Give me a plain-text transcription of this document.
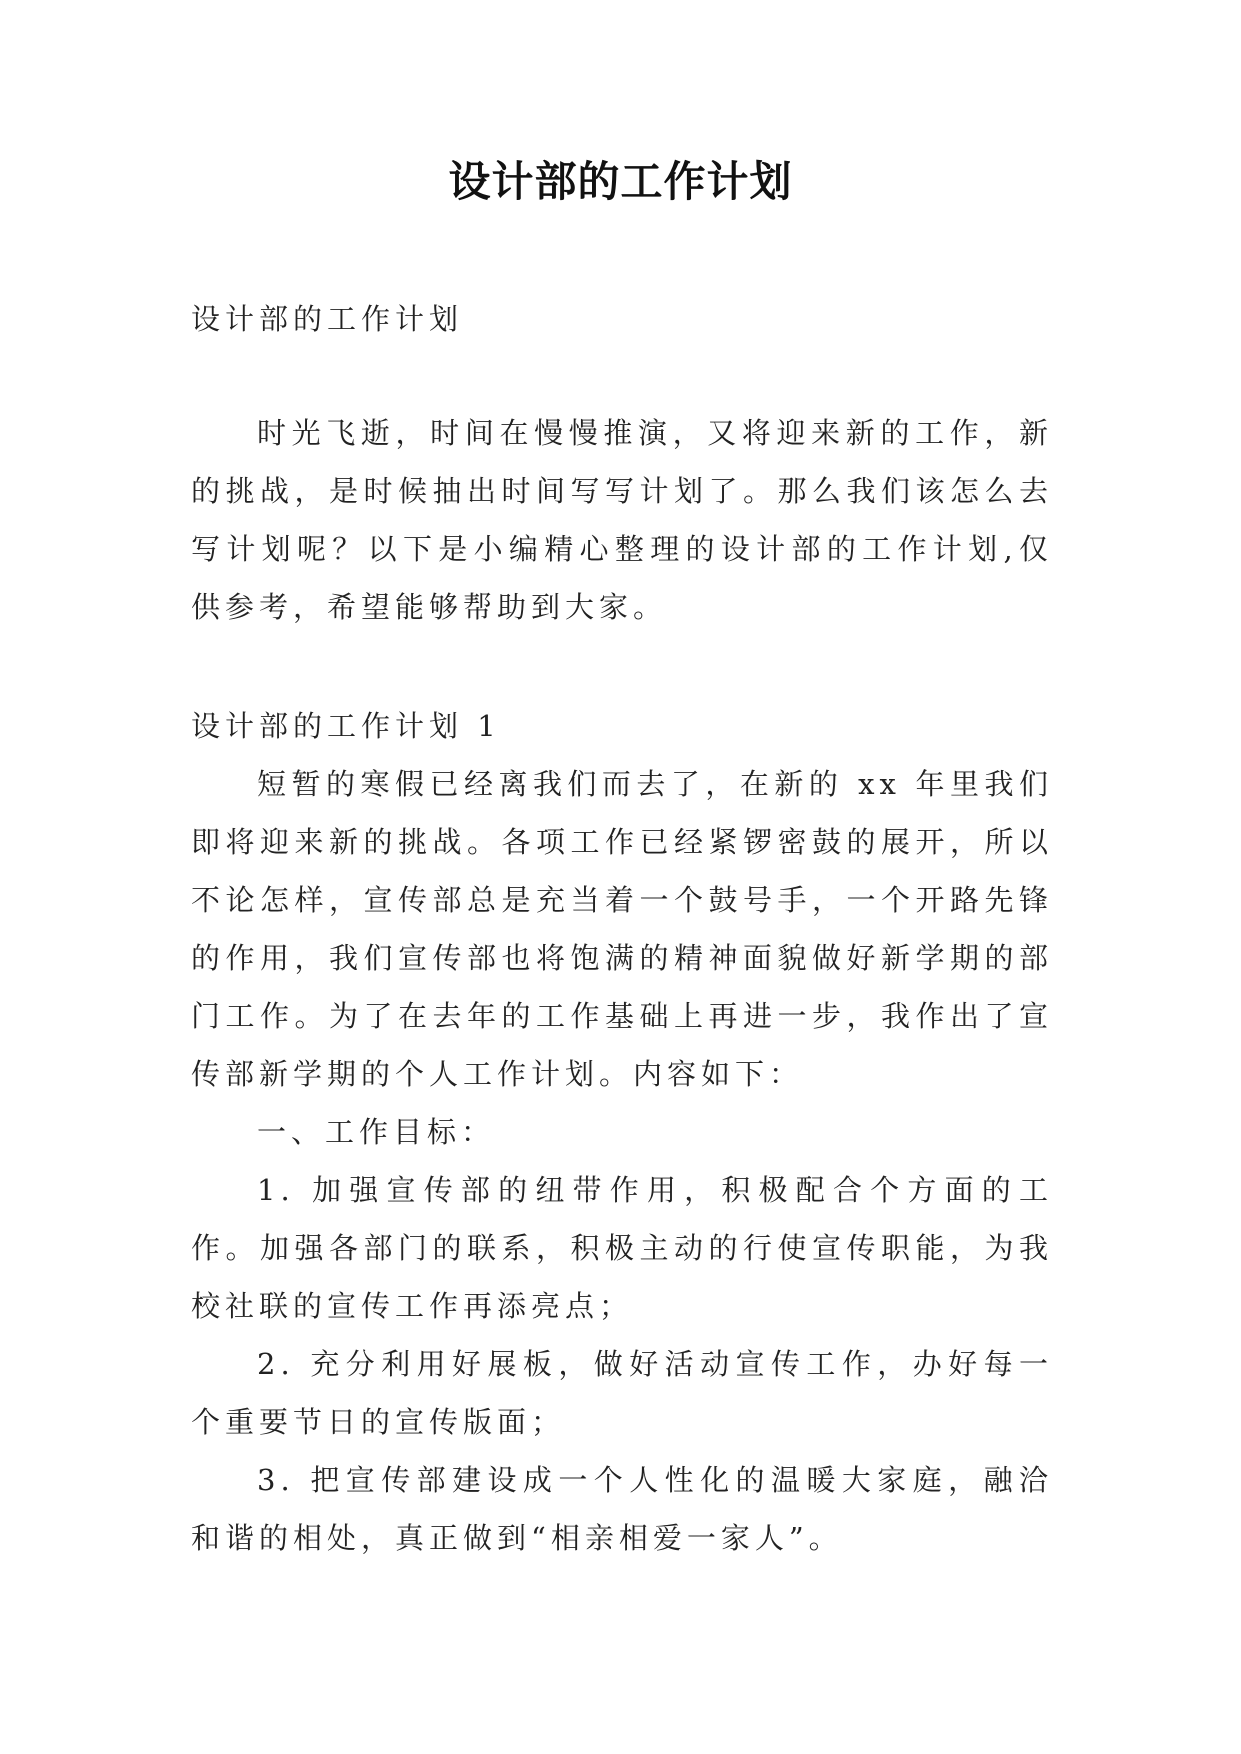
设计部的工作计划
设计部的工作计划
时光飞逝，时间在慢慢推演，又将迎来新的工作，新的挑战，是时候抽出时间写写计划了。那么我们该怎么去写计划呢？以下是小编精心整理的设计部的工作计划,仅供参考，希望能够帮助到大家。
设计部的工作计划 1

短暂的寒假已经离我们而去了，在新的 xx 年里我们即将迎来新的挑战。各项工作已经紧锣密鼓的展开，所以不论怎样，宣传部总是充当着一个鼓号手，一个开路先锋的作用，我们宣传部也将饱满的精神面貌做好新学期的部门工作。为了在去年的工作基础上再进一步，我作出了宣传部新学期的个人工作计划。内容如下：

一、工作目标：

1. 加强宣传部的纽带作用，积极配合个方面的工作。加强各部门的联系，积极主动的行使宣传职能，为我校社联的宣传工作再添亮点；

2. 充分利用好展板，做好活动宣传工作，办好每一个重要节日的宣传版面；

3. 把宣传部建设成一个人性化的温暖大家庭，融洽和谐的相处，真正做到“相亲相爱一家人”。
